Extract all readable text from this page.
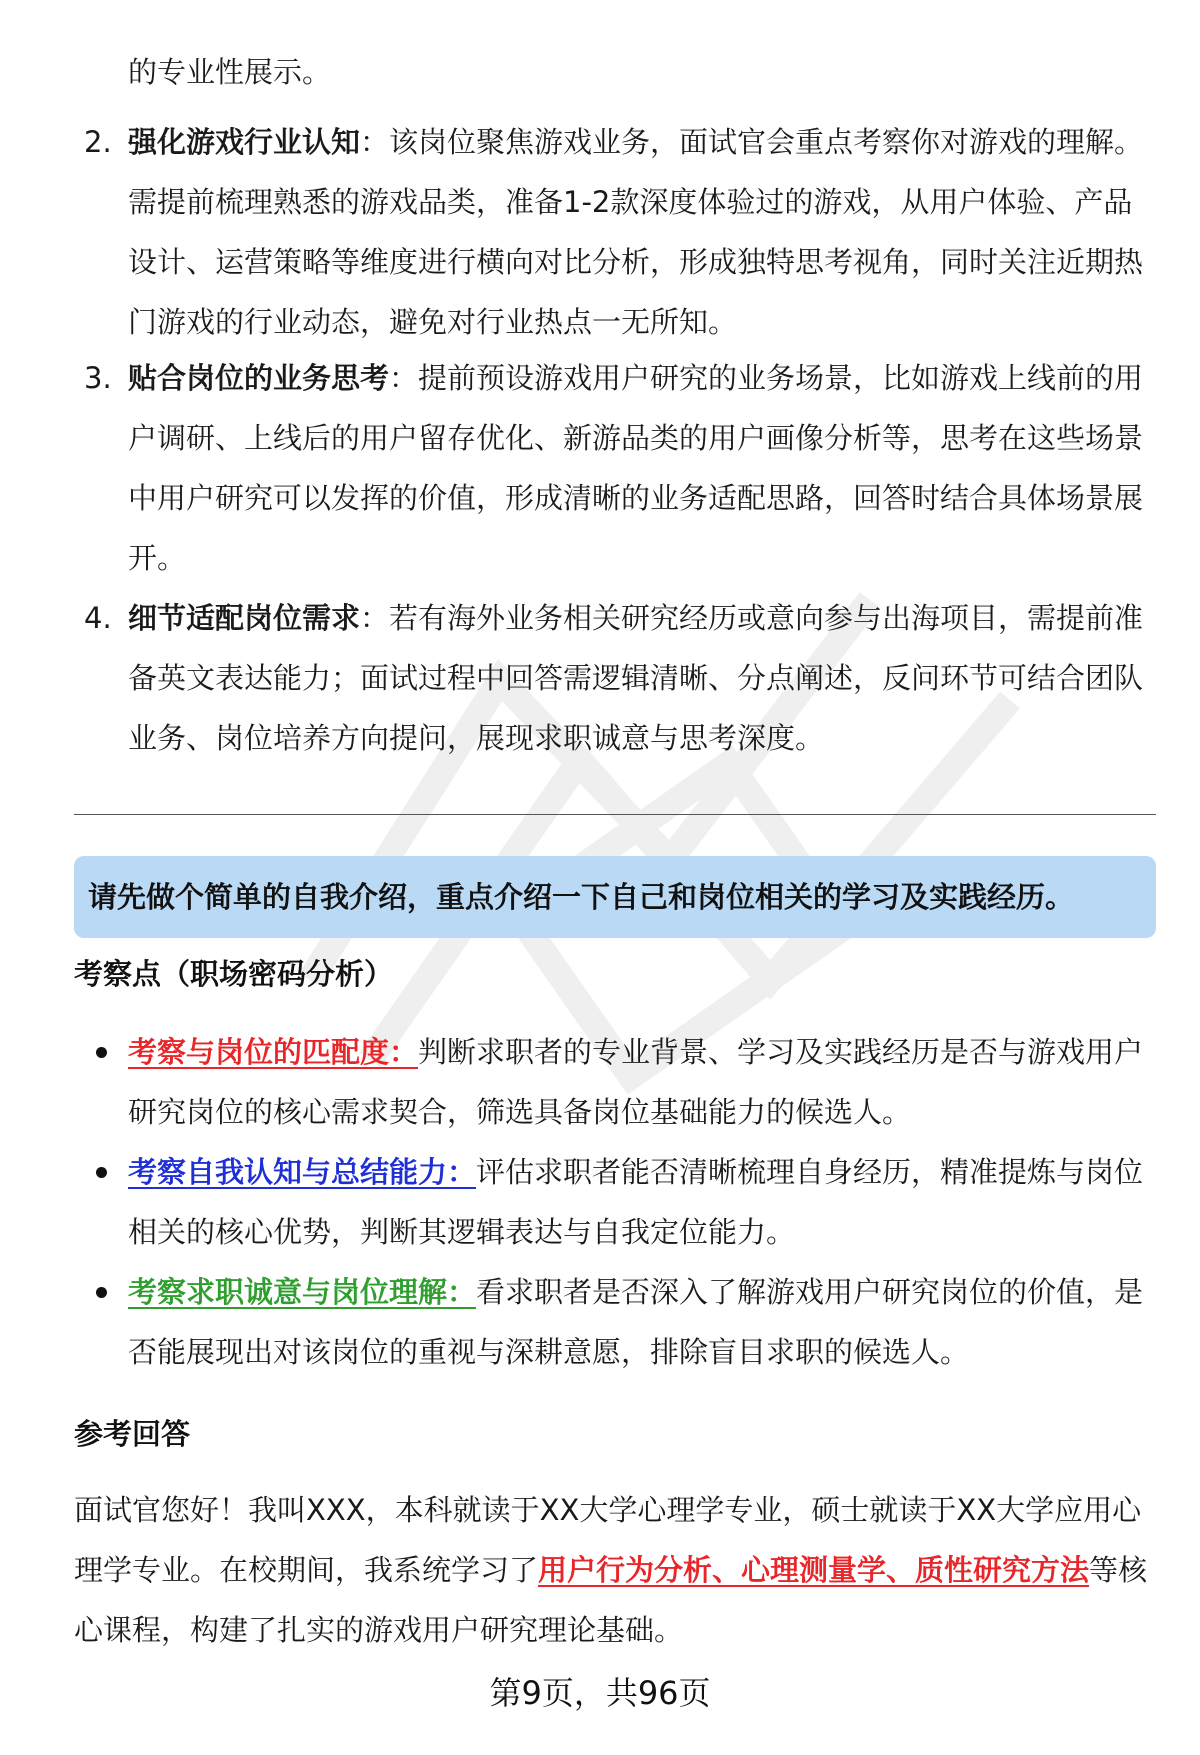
的专业性展示。
2. 强化游戏行业认知：该岗位聚焦游戏业务，面试官会重点考察你对游戏的理解。需提前梳理熟悉的游戏品类，准备1-2款深度体验过的游戏，从用户体验、产品设计、运营策略等维度进行横向对比分析，形成独特思考视角，同时关注近期热门游戏的行业动态，避免对行业热点一无所知。
3. 贴合岗位的业务思考：提前预设游戏用户研究的业务场景，比如游戏上线前的用户调研、上线后的用户留存优化、新游品类的用户画像分析等，思考在这些场景中用户研究可以发挥的价值，形成清晰的业务适配思路，回答时结合具体场景展开。
4. 细节适配岗位需求：若有海外业务相关研究经历或意向参与出海项目，需提前准备英文表达能力；面试过程中回答需逻辑清晰、分点阐述，反问环节可结合团队业务、岗位培养方向提问，展现求职诚意与思考深度。
请先做个简单的自我介绍，重点介绍一下自己和岗位相关的学习及实践经历。
考察点（职场密码分析）
考察与岗位的匹配度：判断求职者的专业背景、学习及实践经历是否与游戏用户研究岗位的核心需求契合，筛选具备岗位基础能力的候选人。
考察自我认知与总结能力：评估求职者能否清晰梳理自身经历，精准提炼与岗位相关的核心优势，判断其逻辑表达与自我定位能力。
考察求职诚意与岗位理解：看求职者是否深入了解游戏用户研究岗位的价值，是否能展现出对该岗位的重视与深耕意愿，排除盲目求职的候选人。
参考回答
面试官您好！我叫XXX，本科就读于XX大学心理学专业，硕士就读于XX大学应用心理学专业。在校期间，我系统学习了用户行为分析、心理测量学、质性研究方法等核心课程，构建了扎实的游戏用户研究理论基础。
第9页，共96页
